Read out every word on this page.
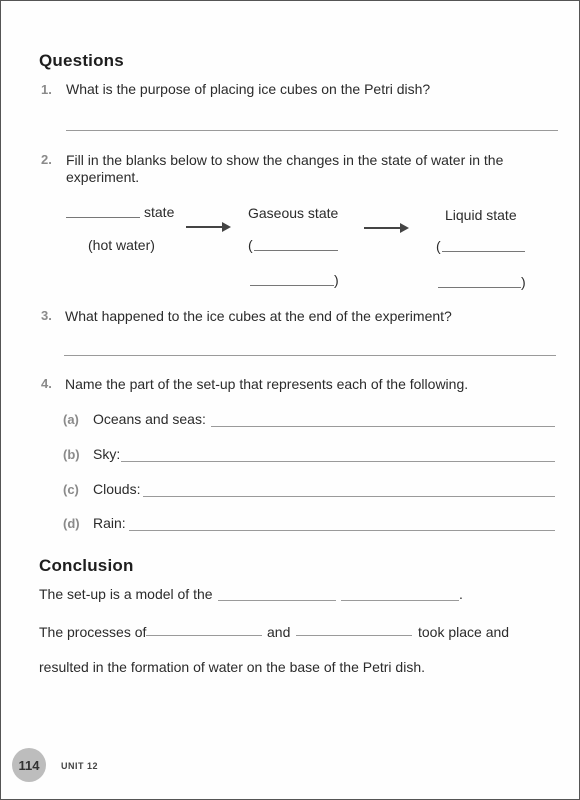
Questions
1. What is the purpose of placing ice cubes on the Petri dish?
2. Fill in the blanks below to show the changes in the state of water in the
experiment.
state
(hot water)
Gaseous state
(
)
Liquid state
(
)
3. What happened to the ice cubes at the end of the experiment?
4. Name the part of the set-up that represents each of the following.
(a) Oceans and seas:
(b) Sky:
(c) Clouds:
(d) Rain:
Conclusion
The set-up is a model of the	.
The processes of	and	took place and
resulted in the formation of water on the base of the Petri dish.
114	UNIT 12
